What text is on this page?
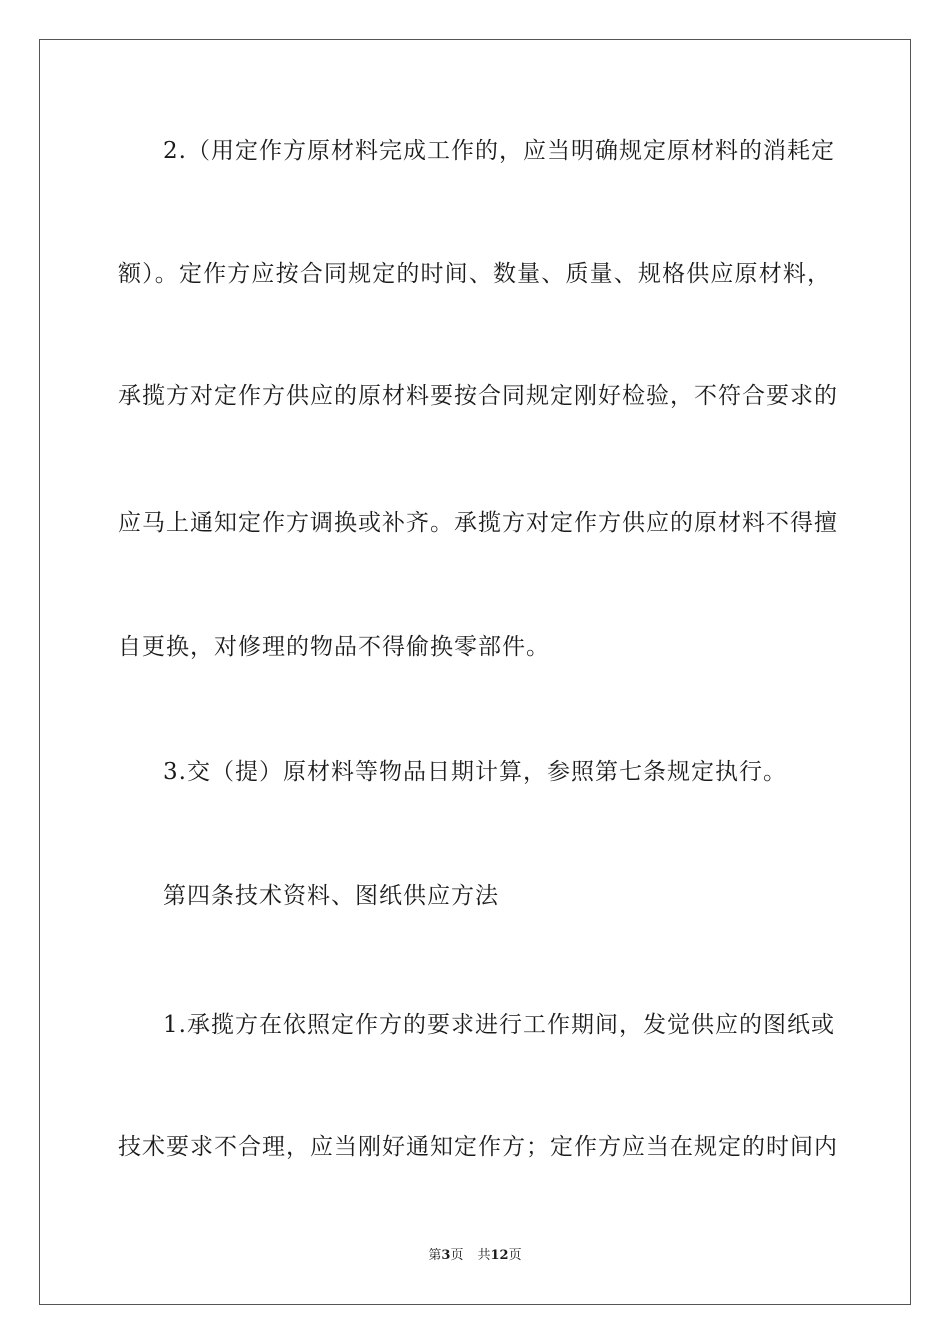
2.（用定作方原材料完成工作的，应当明确规定原材料的消耗定
额）。定作方应按合同规定的时间、数量、质量、规格供应原材料，
承揽方对定作方供应的原材料要按合同规定刚好检验，不符合要求的
应马上通知定作方调换或补齐。承揽方对定作方供应的原材料不得擅
自更换，对修理的物品不得偷换零部件。
3.交（提）原材料等物品日期计算，参照第七条规定执行。
第四条技术资料、图纸供应方法
1.承揽方在依照定作方的要求进行工作期间，发觉供应的图纸或
技术要求不合理，应当刚好通知定作方；定作方应当在规定的时间内
第3页 共12页
